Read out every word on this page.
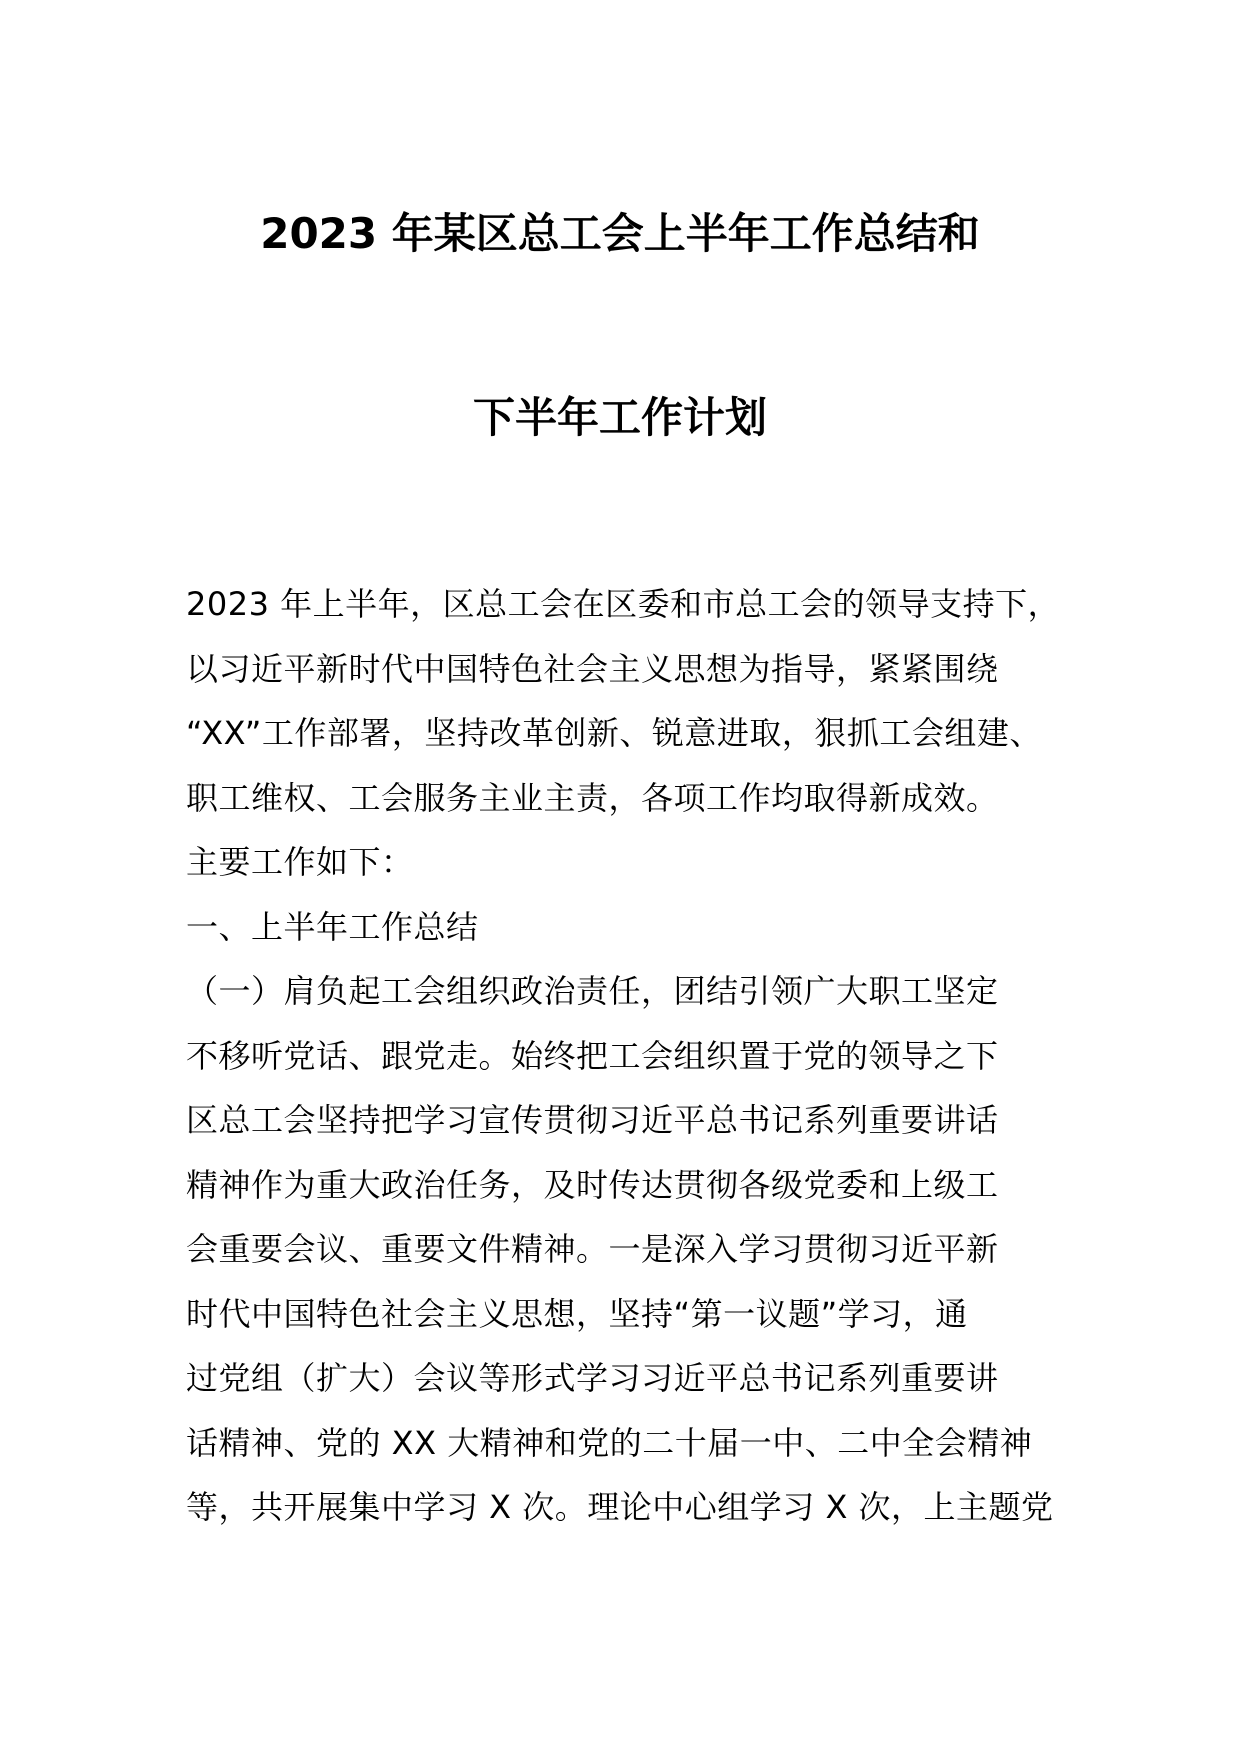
2023 年某区总工会上半年工作总结和
下半年工作计划
2023 年上半年，区总工会在区委和市总工会的领导支持下，
以习近平新时代中国特色社会主义思想为指导，紧紧围绕
“XX”工作部署，坚持改革创新、锐意进取，狠抓工会组建、
职工维权、工会服务主业主责，各项工作均取得新成效。
主要工作如下：
一、上半年工作总结
（一）肩负起工会组织政治责任，团结引领广大职工坚定
不移听党话、跟党走。始终把工会组织置于党的领导之下
区总工会坚持把学习宣传贯彻习近平总书记系列重要讲话
精神作为重大政治任务，及时传达贯彻各级党委和上级工
会重要会议、重要文件精神。一是深入学习贯彻习近平新
时代中国特色社会主义思想，坚持“第一议题”学习，通
过党组（扩大）会议等形式学习习近平总书记系列重要讲
话精神、党的 XX 大精神和党的二十届一中、二中全会精神
等，共开展集中学习 X 次。理论中心组学习 X 次，上主题党
